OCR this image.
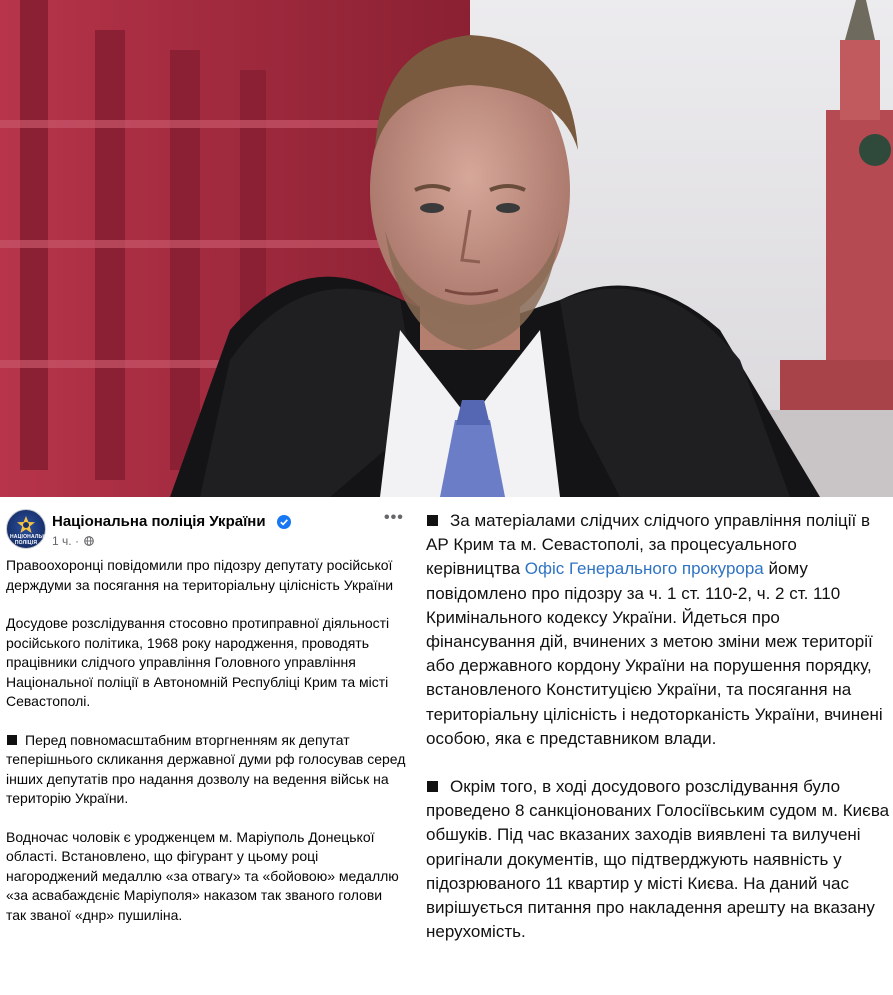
НАЦІОНАЛЬНА ПОЛІЦІЯ
Національна поліція України
1 ч. ·
•••

Правоохоронці повідомили про підозру депутату російської держдуми за посягання на територіальну цілісність України

Досудове розслідування стосовно протиправної діяльності російського політика, 1968 року народження, проводять працівники слідчого управління Головного управління Національної поліції в Автономній Республіці Крим та місті Севастополі.

Перед повномасштабним вторгненням як депутат теперішнього скликання державної думи рф голосував серед інших депутатів про надання дозволу на ведення військ на територію України.

Водночас чоловік є уродженцем м. Маріуполь Донецької області. Встановлено, що фігурант у цьому році нагороджений медаллю «за отвагу» та «бойовою» медаллю «за асвабаждєніє Маріуполя» наказом так званого голови так званої «днр» пушиліна.

За матеріалами слідчих слідчого управління поліції в АР Крим та м. Севастополі, за процесуального керівництва Офіс Генерального прокурора йому повідомлено про підозру за ч. 1 ст. 110-2, ч. 2 ст. 110 Кримінального кодексу України. Йдеться про фінансування дій, вчинених з метою зміни меж території або державного кордону України на порушення порядку, встановленого Конституцією України, та посягання на територіальну цілісність і недоторканість України, вчинені особою, яка є представником влади.

Окрім того, в ході досудового розслідування було проведено 8 санкціонованих Голосіївським судом м. Києва обшуків. Під час вказаних заходів виявлені та вилучені оригінали документів, що підтверджують наявність у підозрюваного 11 квартир у місті Києва. На даний час вирішується питання про накладення арешту на вказану нерухомість.
